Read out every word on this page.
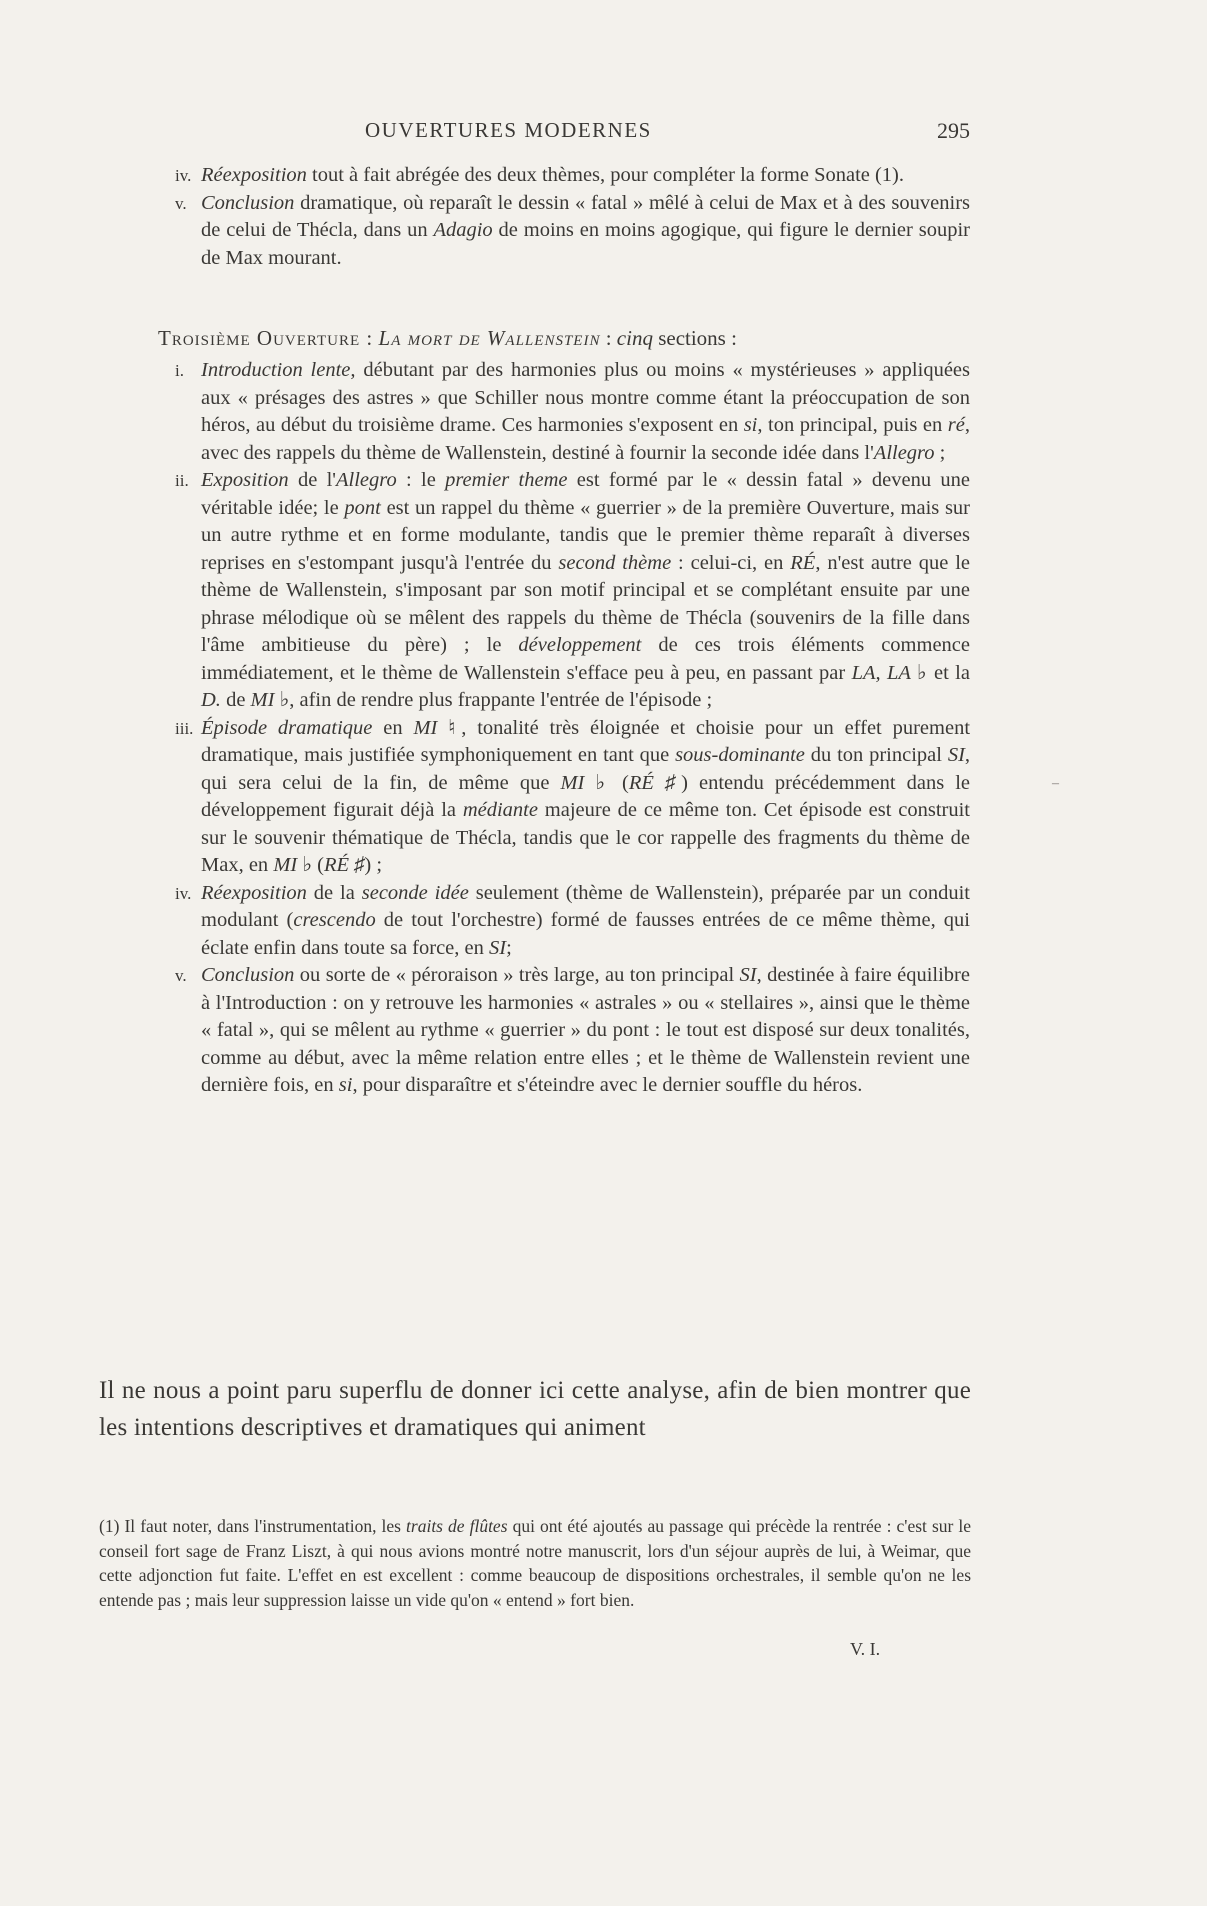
OUVERTURES MODERNES	295
iv. Réexposition tout à fait abrégée des deux thèmes, pour compléter la forme Sonate (1).
v. Conclusion dramatique, où reparaît le dessin « fatal » mêlé à celui de Max et à des souvenirs de celui de Thécla, dans un Adagio de moins en moins agogique, qui figure le dernier soupir de Max mourant.
Troisième Ouverture : La mort de Wallenstein : cinq sections :
i. Introduction lente, débutant par des harmonies plus ou moins « mystérieuses » appliquées aux « présages des astres » que Schiller nous montre comme étant la préoccupation de son héros, au début du troisième drame. Ces harmonies s'exposent en si, ton principal, puis en ré, avec des rappels du thème de Wallenstein, destiné à fournir la seconde idée dans l'Allegro ;
ii. Exposition de l'Allegro : le premier theme est formé par le « dessin fatal » devenu une véritable idée; le pont est un rappel du thème « guerrier » de la première Ouverture, mais sur un autre rythme et en forme modulante, tandis que le premier thème reparaît à diverses reprises en s'estompant jusqu'à l'entrée du second thème : celui-ci, en RÉ, n'est autre que le thème de Wallenstein, s'imposant par son motif principal et se complétant ensuite par une phrase mélodique où se mêlent des rappels du thème de Thécla (souvenirs de la fille dans l'âme ambitieuse du père) ; le développement de ces trois éléments commence immédiatement, et le thème de Wallenstein s'efface peu à peu, en passant par LA, LA ♭ et la D. de MI ♭, afin de rendre plus frappante l'entrée de l'épisode ;
iii. Épisode dramatique en MI ♮, tonalité très éloignée et choisie pour un effet purement dramatique, mais justifiée symphoniquement en tant que sous-dominante du ton principal SI, qui sera celui de la fin, de même que MI ♭ (RÉ ♯) entendu précédemment dans le développement figurait déjà la médiante majeure de ce même ton. Cet épisode est construit sur le souvenir thématique de Thécla, tandis que le cor rappelle des fragments du thème de Max, en MI ♭ (RÉ ♯) ;
iv. Réexposition de la seconde idée seulement (thème de Wallenstein), préparée par un conduit modulant (crescendo de tout l'orchestre) formé de fausses entrées de ce même thème, qui éclate enfin dans toute sa force, en SI;
v. Conclusion ou sorte de « péroraison » très large, au ton principal SI, destinée à faire équilibre à l'Introduction : on y retrouve les harmonies « astrales » ou « stellaires », ainsi que le thème « fatal », qui se mêlent au rythme « guerrier » du pont : le tout est disposé sur deux tonalités, comme au début, avec la même relation entre elles ; et le thème de Wallenstein revient une dernière fois, en si, pour disparaître et s'éteindre avec le dernier souffle du héros.
Il ne nous a point paru superflu de donner ici cette analyse, afin de bien montrer que les intentions descriptives et dramatiques qui animent
(1) Il faut noter, dans l'instrumentation, les traits de flûtes qui ont été ajoutés au passage qui précède la rentrée : c'est sur le conseil fort sage de Franz Liszt, à qui nous avions montré notre manuscrit, lors d'un séjour auprès de lui, à Weimar, que cette adjonction fut faite. L'effet en est excellent : comme beaucoup de dispositions orchestrales, il semble qu'on ne les entende pas ; mais leur suppression laisse un vide qu'on « entend » fort bien.
V. I.
–
